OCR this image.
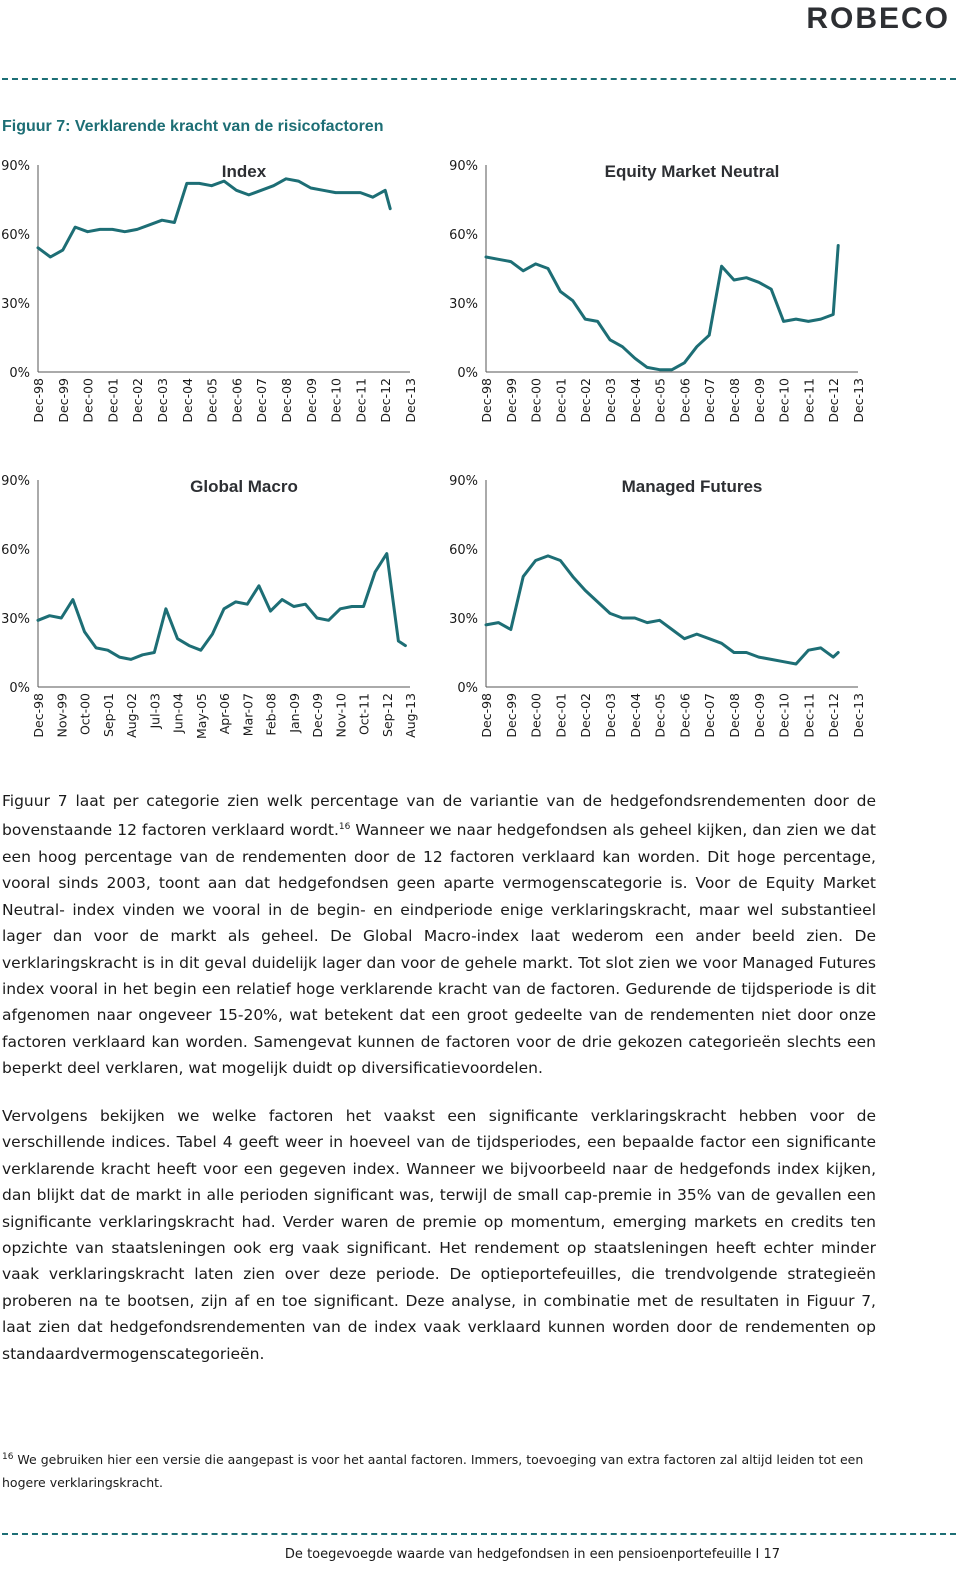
ROBECO
Figuur 7: Verklarende kracht van de risicofactoren
Index
90%
60%
30%
0%
Dec-98 Dec-99 Dec-00 Dec-01 Dec-02 Dec-03 Dec-04 Dec-05 Dec-06 Dec-07 Dec-08 Dec-09 Dec-10 Dec-11 Dec-12 Dec-13
Equity Market Neutral
90%
60%
30%
0%
Dec-98 Dec-99 Dec-00 Dec-01 Dec-02 Dec-03 Dec-04 Dec-05 Dec-06 Dec-07 Dec-08 Dec-09 Dec-10 Dec-11 Dec-12 Dec-13
Global Macro
90%
60%
30%
0%
Dec-98 Nov-99 Oct-00 Sep-01 Aug-02 Jul-03 Jun-04 May-05 Apr-06 Mar-07 Feb-08 Jan-09 Dec-09 Nov-10 Oct-11 Sep-12 Aug-13
Managed Futures
90%
60%
30%
0%
Dec-98 Dec-99 Dec-00 Dec-01 Dec-02 Dec-03 Dec-04 Dec-05 Dec-06 Dec-07 Dec-08 Dec-09 Dec-10 Dec-11 Dec-12 Dec-13
Figuur 7 laat per categorie zien welk percentage van de variantie van de hedgefondsrendementen door de bovenstaande 12 factoren verklaard wordt.$^{16}$ Wanneer we naar hedgefondsen als geheel kijken, dan zien we dat een hoog percentage van de rendementen door de 12 factoren verklaard kan worden. Dit hoge percentage, vooral sinds 2003, toont aan dat hedgefondsen geen aparte vermogenscategorie is. Voor de Equity Market Neutral- index vinden we vooral in de begin- en eindperiode enige verklaringskracht, maar wel substantieel lager dan voor de markt als geheel. De Global Macro-index laat wederom een ander beeld zien. De verklaringskracht is in dit geval duidelijk lager dan voor de gehele markt. Tot slot zien we voor Managed Futures index vooral in het begin een relatief hoge verklarende kracht van de factoren. Gedurende de tijdsperiode is dit afgenomen naar ongeveer 15-20%, wat betekent dat een groot gedeelte van de rendementen niet door onze factoren verklaard kan worden. Samengevat kunnen de factoren voor de drie gekozen categorieën slechts een beperkt deel verklaren, wat mogelijk duidt op diversificatievoordelen.
Vervolgens bekijken we welke factoren het vaakst een significante verklaringskracht hebben voor de verschillende indices. Tabel 4 geeft weer in hoeveel van de tijdsperiodes, een bepaalde factor een significante verklarende kracht heeft voor een gegeven index. Wanneer we bijvoorbeeld naar de hedgefonds index kijken, dan blijkt dat de markt in alle perioden significant was, terwijl de small cap-premie in 35% van de gevallen een significante verklaringskracht had. Verder waren de premie op momentum, emerging markets en credits ten opzichte van staatsleningen ook erg vaak significant. Het rendement op staatsleningen heeft echter minder vaak verklaringskracht laten zien over deze periode. De optieportefeuilles, die trendvolgende strategieën proberen na te bootsen, zijn af en toe significant. Deze analyse, in combinatie met de resultaten in Figuur 7, laat zien dat hedgefondsrendementen van de index vaak verklaard kunnen worden door de rendementen op standaardvermogenscategorieën.
$^{16}$ We gebruiken hier een versie die aangepast is voor het aantal factoren. Immers, toevoeging van extra factoren zal altijd leiden tot een hogere verklaringskracht.
De toegevoegde waarde van hedgefondsen in een pensioenportefeuille I 17
